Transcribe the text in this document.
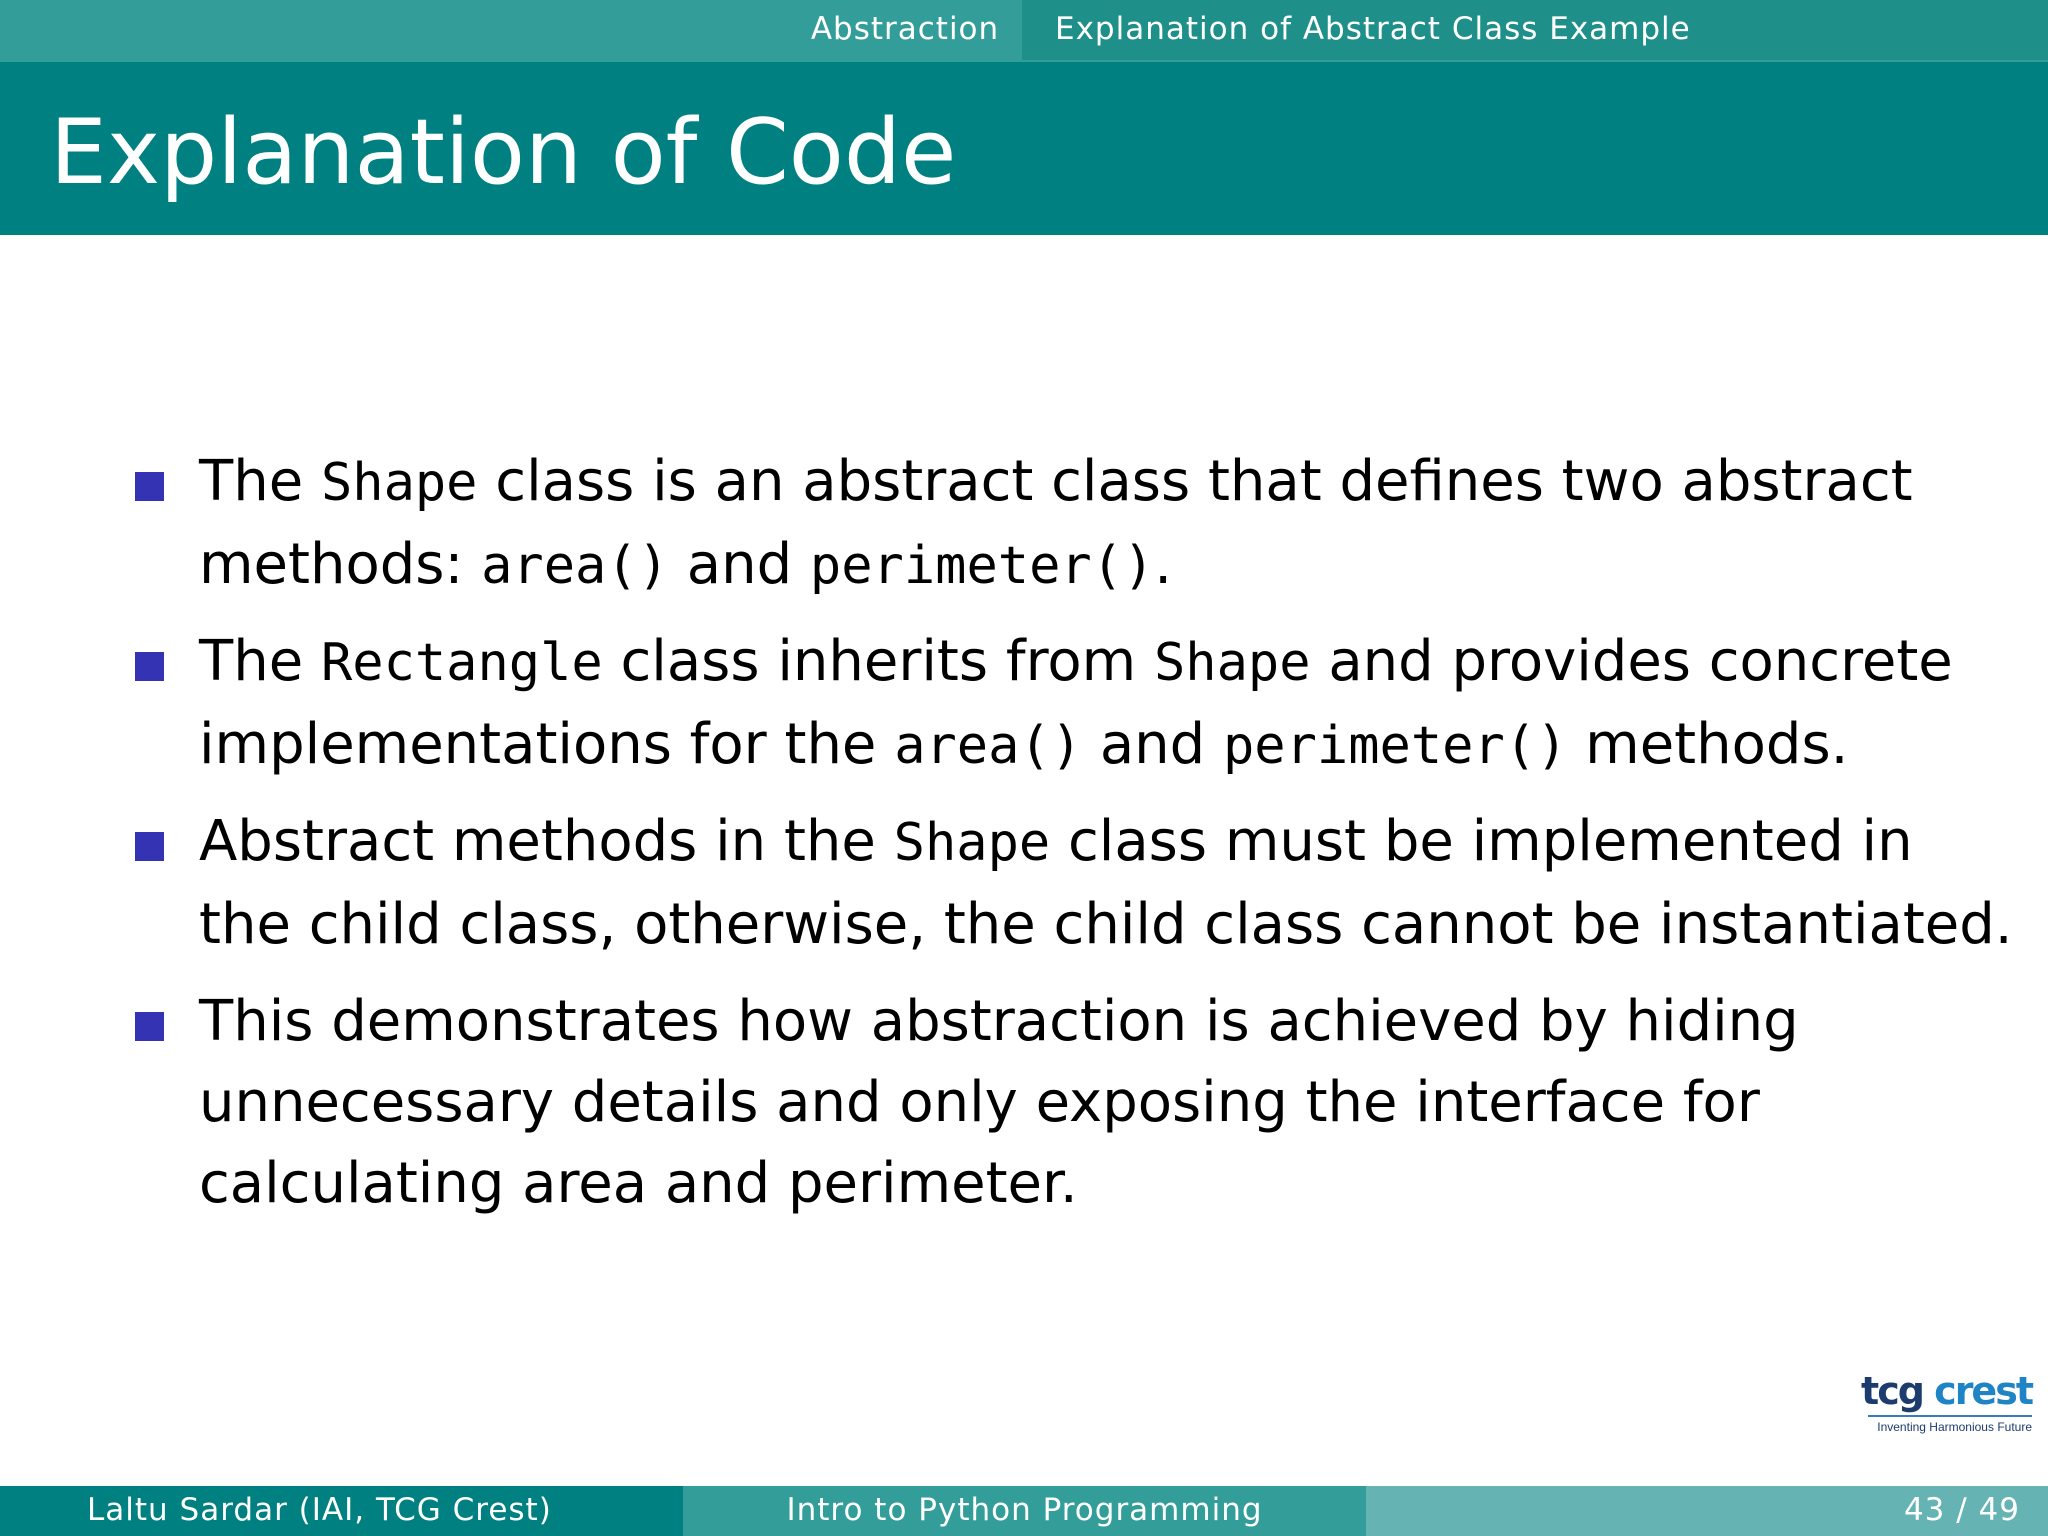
Abstraction	Explanation of Abstract Class Example
Explanation of Code

The Shape class is an abstract class that defines two abstract
methods: area() and perimeter().

The Rectangle class inherits from Shape and provides concrete
implementations for the area() and perimeter() methods.

Abstract methods in the Shape class must be implemented in
the child class, otherwise, the child class cannot be instantiated.

This demonstrates how abstraction is achieved by hiding
unnecessary details and only exposing the interface for
calculating area and perimeter.

tcg crest
Inventing Harmonious Future
Laltu Sardar (IAI, TCG Crest)	Intro to Python Programming	43 / 49
